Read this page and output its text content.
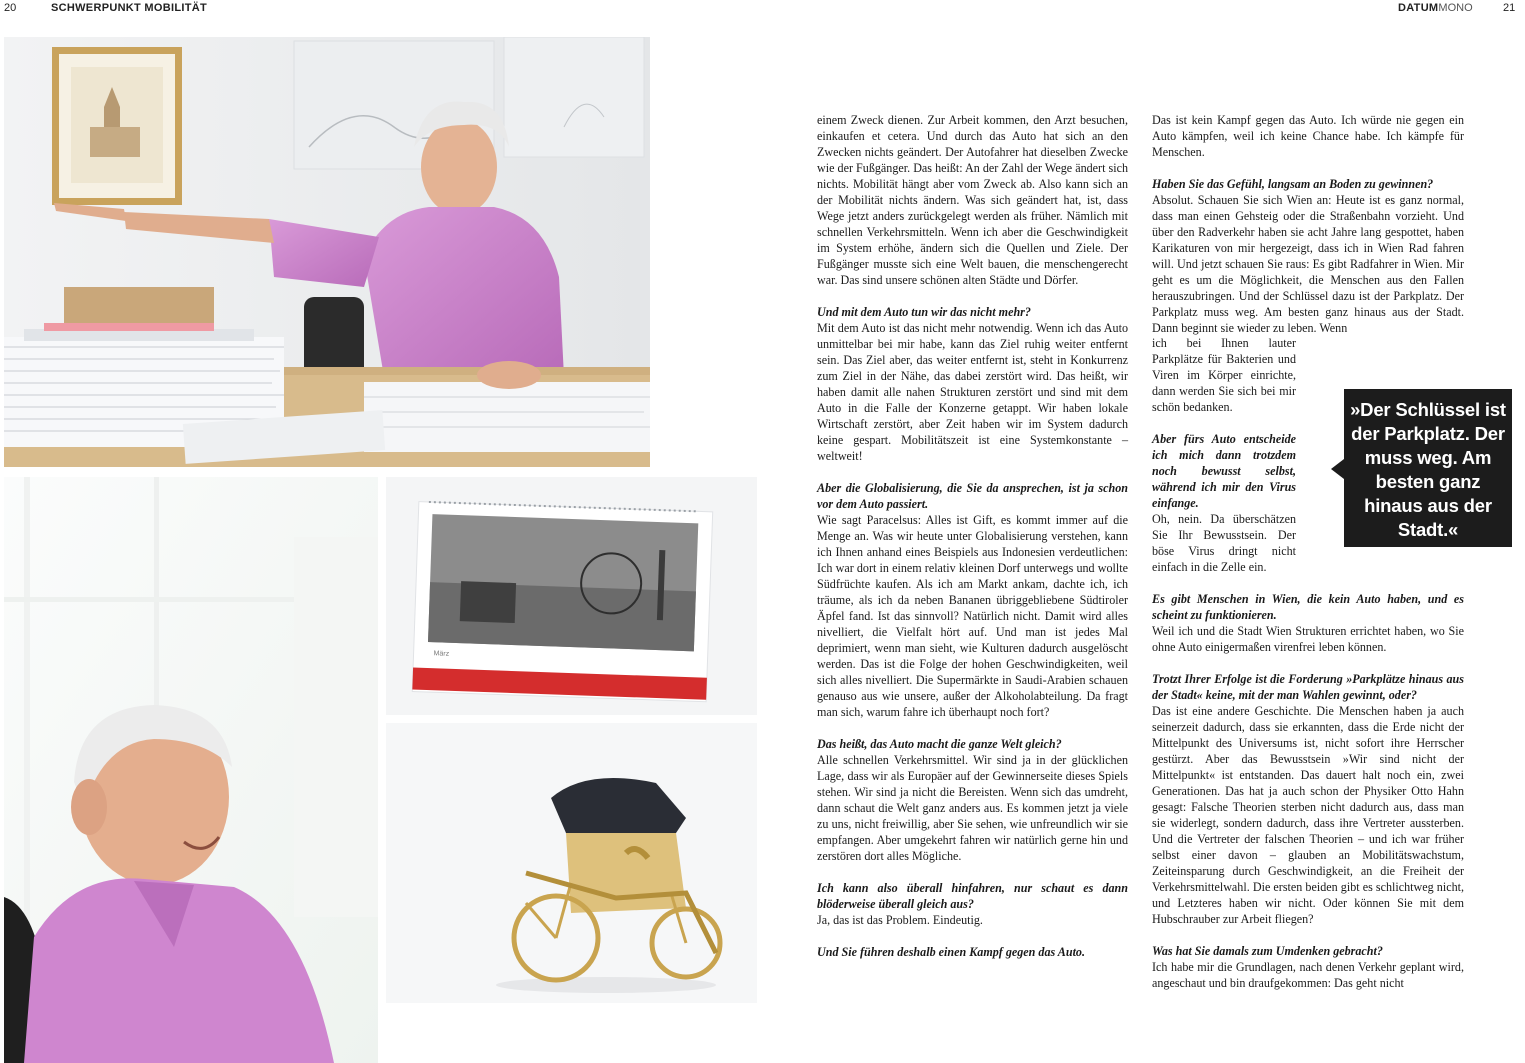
20	SCHWERPUNKT MOBILITÄT	DATUMMONO	21
März

einem Zweck dienen. Zur Arbeit kommen, den Arzt besuchen, einkaufen et cetera. Und durch das Auto hat sich an den Zwecken nichts geändert. Der Autofahrer hat dieselben Zwecke wie der Fußgänger. Das heißt: An der Zahl der Wege ändert sich nichts. Mobilität hängt aber vom Zweck ab. Also kann sich an der Mobilität nichts ändern. Was sich geändert hat, ist, dass Wege jetzt anders zurückgelegt werden als früher. Nämlich mit schnellen Verkehrsmitteln. Wenn ich aber die Geschwindigkeit im System erhöhe, ändern sich die Quellen und Ziele. Der Fußgänger musste sich eine Welt bauen, die menschengerecht war. Das sind unsere schönen alten Städte und Dörfer.

Und mit dem Auto tun wir das nicht mehr?
Mit dem Auto ist das nicht mehr notwendig. Wenn ich das Auto unmittelbar bei mir habe, kann das Ziel ruhig weiter entfernt sein. Das Ziel aber, das weiter entfernt ist, steht in Konkurrenz zum Ziel in der Nähe, das dabei zerstört wird. Das heißt, wir haben damit alle nahen Strukturen zerstört und sind mit dem Auto in die Falle der Konzerne getappt. Wir haben lokale Wirtschaft zerstört, aber Zeit haben wir im System dadurch keine gespart. Mobilitätszeit ist eine Systemkonstante – weltweit!

Aber die Globalisierung, die Sie da ansprechen, ist ja schon vor dem Auto passiert.
Wie sagt Paracelsus: Alles ist Gift, es kommt immer auf die Menge an. Was wir heute unter Globalisierung verstehen, kann ich Ihnen anhand eines Beispiels aus Indonesien verdeutlichen: Ich war dort in einem relativ kleinen Dorf unterwegs und wollte Südfrüchte kaufen. Als ich am Markt ankam, dachte ich, ich träume, als ich da neben Bananen übriggebliebene Südtiroler Äpfel fand. Ist das sinnvoll? Natürlich nicht. Damit wird alles nivelliert, die Vielfalt hört auf. Und man ist jedes Mal deprimiert, wenn man sieht, wie Kulturen dadurch ausgelöscht werden. Das ist die Folge der hohen Geschwindigkeiten, weil sich alles nivelliert. Die Supermärkte in Saudi-Arabien schauen genauso aus wie unsere, außer der Alkoholabteilung. Da fragt man sich, warum fahre ich überhaupt noch fort?

Das heißt, das Auto macht die ganze Welt gleich?
Alle schnellen Verkehrsmittel. Wir sind ja in der glücklichen Lage, dass wir als Europäer auf der Gewinnerseite dieses Spiels stehen. Wir sind ja nicht die Bereisten. Wenn sich das umdreht, dann schaut die Welt ganz anders aus. Es kommen jetzt ja viele zu uns, nicht freiwillig, aber Sie sehen, wie unfreundlich wir sie empfangen. Aber umgekehrt fahren wir natürlich gerne hin und zerstören dort alles Mögliche.

Ich kann also überall hinfahren, nur schaut es dann blöderweise überall gleich aus?
Ja, das ist das Problem. Eindeutig.

Und Sie führen deshalb einen Kampf gegen das Auto.

Das ist kein Kampf gegen das Auto. Ich würde nie gegen ein Auto kämpfen, weil ich keine Chance habe. Ich kämpfe für Menschen.

Haben Sie das Gefühl, langsam an Boden zu gewinnen?
Absolut. Schauen Sie sich Wien an: Heute ist es ganz normal, dass man einen Gehsteig oder die Straßenbahn vorzieht. Und über den Radverkehr haben sie acht Jahre lang gespottet, haben Karikaturen von mir hergezeigt, dass ich in Wien Rad fahren will. Und jetzt schauen Sie raus: Es gibt Radfahrer in Wien. Mir geht es um die Möglichkeit, die Menschen aus den Fallen herauszubringen. Und der Schlüssel dazu ist der Parkplatz. Der Parkplatz muss weg. Am besten ganz hinaus aus der Stadt. Dann beginnt sie wieder zu leben. Wenn

ich bei Ihnen lauter Parkplätze für Bakterien und Viren im Körper einrichte, dann werden Sie sich bei mir schön bedanken.

Aber fürs Auto entscheide ich mich dann trotzdem noch bewusst selbst, während ich mir den Virus einfange.
Oh, nein. Da überschätzen Sie Ihr Bewusstsein. Der böse Virus dringt nicht einfach in die Zelle ein.

Es gibt Menschen in Wien, die kein Auto haben, und es scheint zu funktionieren.
Weil ich und die Stadt Wien Strukturen errichtet haben, wo Sie ohne Auto einigermaßen virenfrei leben können.

Trotzt Ihrer Erfolge ist die Forderung »Parkplätze hinaus aus der Stadt« keine, mit der man Wahlen gewinnt, oder?
Das ist eine andere Geschichte. Die Menschen haben ja auch seinerzeit dadurch, dass sie erkannten, dass die Erde nicht der Mittelpunkt des Universums ist, nicht sofort ihre Herrscher gestürzt. Aber das Bewusstsein »Wir sind nicht der Mittelpunkt« ist entstanden. Das dauert halt noch ein, zwei Generationen. Das hat ja auch schon der Physiker Otto Hahn gesagt: Falsche Theorien sterben nicht dadurch aus, dass man sie widerlegt, sondern dadurch, dass ihre Vertreter aussterben. Und die Vertreter der falschen Theorien – und ich war früher selbst einer davon – glauben an Mobilitätswachstum, Zeiteinsparung durch Geschwindigkeit, an die Freiheit der Verkehrsmittelwahl. Die ersten beiden gibt es schlichtweg nicht, und Letzteres haben wir nicht. Oder können Sie mit dem Hubschrauber zur Arbeit fliegen?

Was hat Sie damals zum Umdenken gebracht?
Ich habe mir die Grundlagen, nach denen Verkehr geplant wird, angeschaut und bin draufgekommen: Das geht nicht

»Der Schlüssel ist der Parkplatz. Der muss weg. Am besten ganz hinaus aus der Stadt.«
